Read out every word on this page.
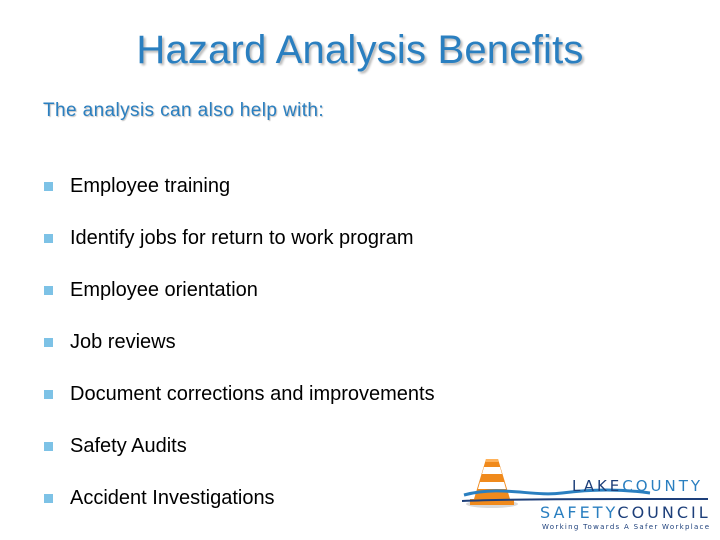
Hazard Analysis Benefits
The analysis can also help with:
Employee training
Identify jobs for return to work program
Employee orientation
Job reviews
Document corrections and improvements
Safety Audits
Accident Investigations
LAKECOUNTY
SAFETYCOUNCIL
Working Towards A Safer Workplace
